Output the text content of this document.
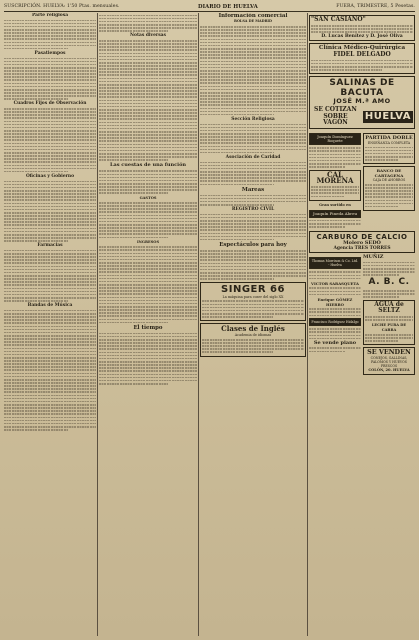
SUSCRIPCIÓN. HUELVA: 1'50 Ptas. mensuales.	DIARIO DE HUELVA	FUERA, TRIMESTRE, 5 Pesetas.
Parte religiosa
Pasatiempos
Cuadros Fijos de Observación
Oficinas y Gobierno
Farmacias
Bandas de Música
Notas diversas
Las cuestas de una función
GASTOS
INGRESOS
El tiempo
Información comercial
BOLSA DE MADRID
Sección Religiosa
Asociación de Caridad
Mareas
REGISTRO CIVIL
Espectáculos para hoy
SINGER 66
La máquina para coser del siglo XX
Clases de Inglés
Academia de idiomas
"SAN CASIANO"
D. Lucas Benítez y D. José Oliva
Clínica Médico-Quirúrgica
FIDEL DELGADO
SALINAS DE BACUTA
JOSÉ M.ª AMO
SE COTIZAN
SOBRE VAGÓN
HUELVA
Joaquín Domínguez Roquete
CAL MORENA
Gran surtido en
Joaquín Pineda Abreu
PARTIDA DOBLE
ENSEÑANZA COMPLETA
BANCO DE CARTAGENA
CAJA DE AHORROS
CARBURO DE CALCIO
Molero SEDÓ
Agencia TRES TORRES
Thomas Morrison & Co. Ltd. - Huelva
VICTOR SARASQUETA
Enrique GÓMEZ HIERRO
Francisco Rodríguez Hidalgo
Se vende piano
MUÑIZ
A. B. C.
AGUA de SELTZ
LECHE PURA DE CABRA
SE VENDEN
CONEJOS, GALLINAS, PALOMOS Y HUEVOS FRESCOS
COLÓN, 20. HUELVA
